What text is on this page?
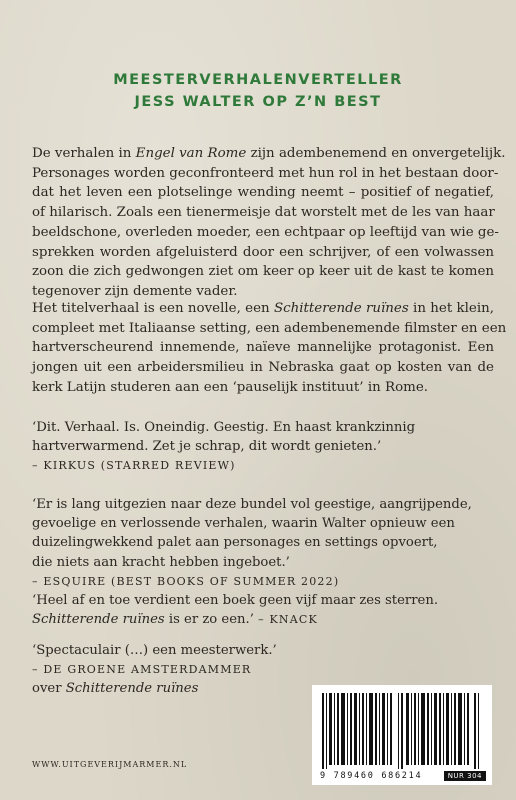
MEESTERVERHALENVERTELLER
JESS WALTER OP Z’N BEST
De verhalen in Engel van Rome zijn adembenemend en onvergetelijk.
Personages worden geconfronteerd met hun rol in het bestaan door-
dat het leven een plotselinge wending neemt – positief of negatief,
of hilarisch. Zoals een tienermeisje dat worstelt met de les van haar
beeldschone, overleden moeder, een echtpaar op leeftijd van wie ge-
sprekken worden afgeluisterd door een schrijver, of een volwassen
zoon die zich gedwongen ziet om keer op keer uit de kast te komen
tegenover zijn demente vader.
Het titelverhaal is een novelle, een Schitterende ruïnes in het klein,
compleet met Italiaanse setting, een adembenemende filmster en een
hartverscheurend innemende, naïeve mannelijke protagonist. Een
jongen uit een arbeidersmilieu in Nebraska gaat op kosten van de
kerk Latijn studeren aan een ‘pauselijk instituut’ in Rome.
‘Dit. Verhaal. Is. Oneindig. Geestig. En haast krankzinnig
hartverwarmend. Zet je schrap, dit wordt genieten.’
– KIRKUS (STARRED REVIEW)
‘Er is lang uitgezien naar deze bundel vol geestige, aangrijpende,
gevoelige en verlossende verhalen, waarin Walter opnieuw een
duizelingwekkend palet aan personages en settings opvoert,
die niets aan kracht hebben ingeboet.’
– ESQUIRE (BEST BOOKS OF SUMMER 2022)
‘Heel af en toe verdient een boek geen vijf maar zes sterren.
Schitterende ruïnes is er zo een.’ – KNACK
‘Spectaculair (…) een meesterwerk.’
– DE GROENE AMSTERDAMMER
over Schitterende ruïnes
WWW.UITGEVERIJMARMER.NL
9 789460 686214	NUR 304
